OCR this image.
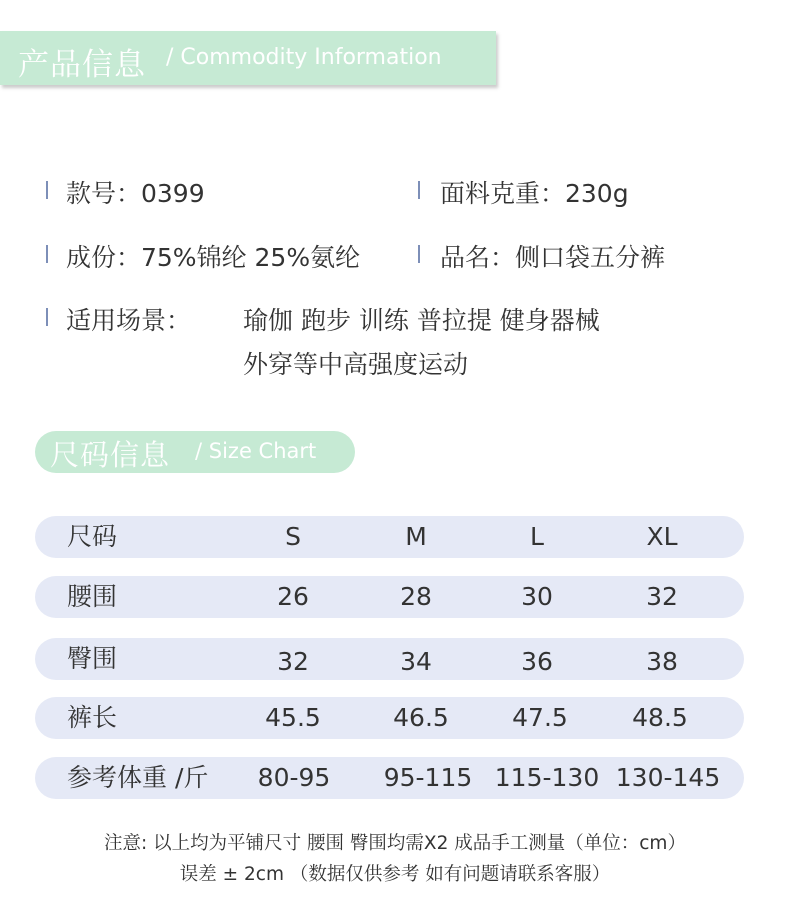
产品信息 / Commodity Information
款号：0399	面料克重：230g
成份：75%锦纶 25%氨纶	品名：侧口袋五分裤
适用场景： 瑜伽 跑步 训练 普拉提 健身器械
外穿等中高强度运动
尺码信息 / Size Chart
尺码	S	M	L	XL
腰围	26	28	30	32
臀围	32	34	36	38
裤长	45.5	46.5	47.5	48.5
参考体重 /斤	80-95	95-115 115-130 130-145
注意: 以上均为平铺尺寸 腰围 臀围均需X2 成品手工测量（单位：cm）
误差 ± 2cm （数据仅供参考 如有问题请联系客服）
